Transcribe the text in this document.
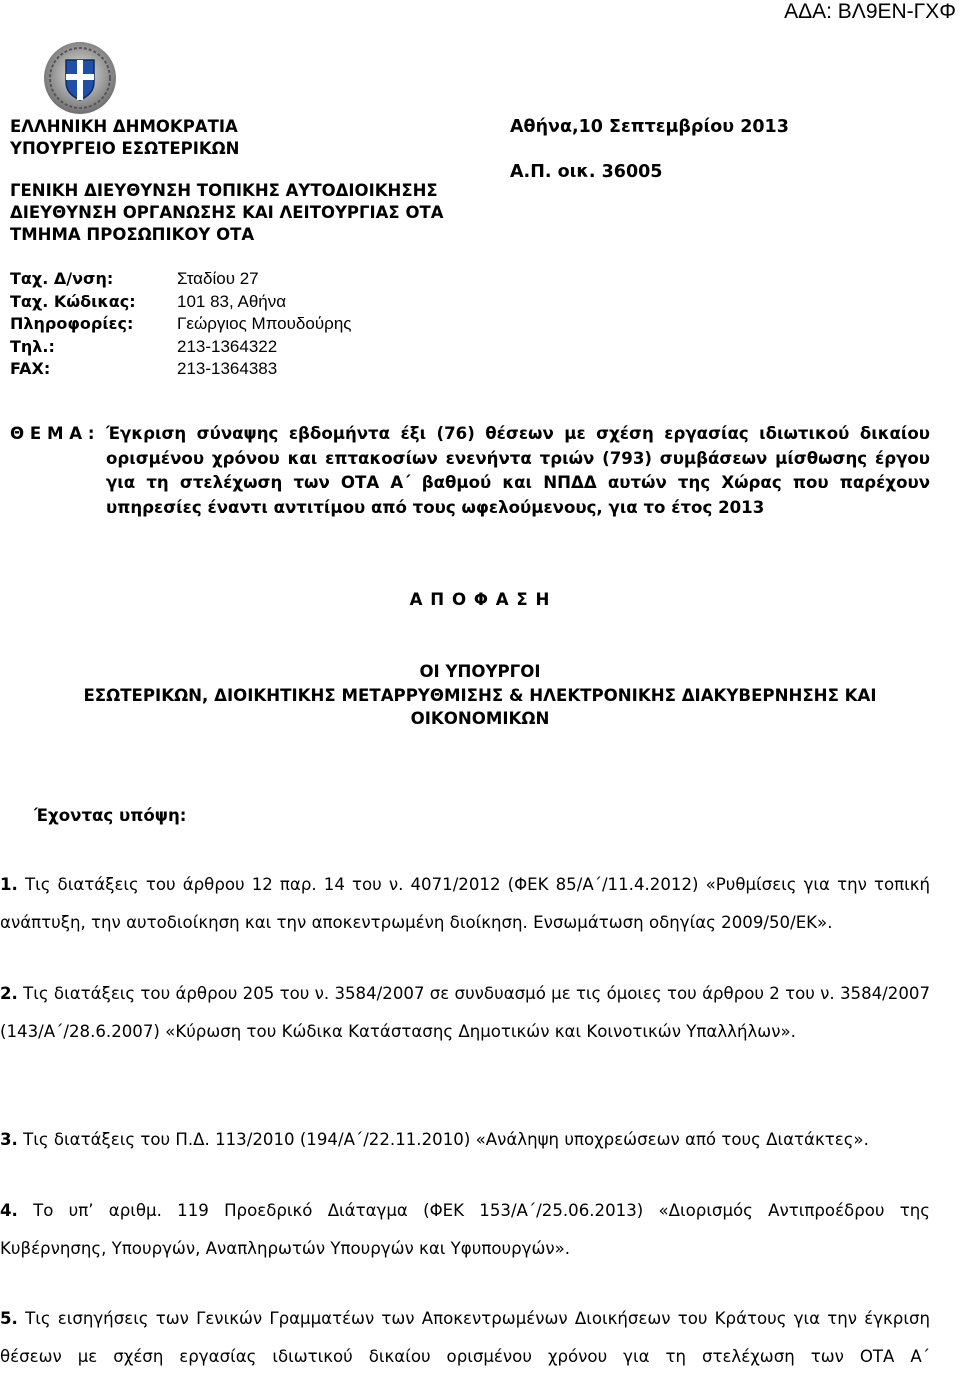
ΑΔΑ: ΒΛ9ΕΝ-ΓΧΦ
ΕΛΛΗΝΙΚΗ ΔΗΜΟΚΡΑΤΙΑ
ΥΠΟΥΡΓΕΙΟ ΕΣΩΤΕΡΙΚΩΝ
ΓΕΝΙΚΗ ΔΙΕΥΘΥΝΣΗ ΤΟΠΙΚΗΣ ΑΥΤΟΔΙΟΙΚΗΣΗΣ
ΔΙΕΥΘΥΝΣΗ ΟΡΓΑΝΩΣΗΣ ΚΑΙ ΛΕΙΤΟΥΡΓΙΑΣ ΟΤΑ
ΤΜΗΜΑ ΠΡΟΣΩΠΙΚΟΥ ΟΤΑ
Αθήνα,10 Σεπτεμβρίου 2013
Α.Π. οικ. 36005
Ταχ. Δ/νση:	Σταδίου 27
Ταχ. Κώδικας:	101 83, Αθήνα
Πληροφορίες:	Γεώργιος Μπουδούρης
Τηλ.:	213-1364322
FAX:	213-1364383
Θ Ε Μ Α : Έγκριση σύναψης εβδομήντα έξι (76) θέσεων με σχέση εργασίας ιδιωτικού δικαίου ορισμένου χρόνου και επτακοσίων ενενήντα τριών (793) συμβάσεων μίσθωσης έργου για τη στελέχωση των ΟΤΑ Α΄ βαθμού και ΝΠΔΔ αυτών της Χώρας που παρέχουν υπηρεσίες έναντι αντιτίμου από τους ωφελούμενους, για το έτος 2013
Α Π Ο Φ Α Σ Η
ΟΙ ΥΠΟΥΡΓΟΙ
ΕΣΩΤΕΡΙΚΩΝ, ΔΙΟΙΚΗΤΙΚΗΣ ΜΕΤΑΡΡΥΘΜΙΣΗΣ & ΗΛΕΚΤΡΟΝΙΚΗΣ ΔΙΑΚΥΒΕΡΝΗΣΗΣ ΚΑΙ
ΟΙΚΟΝΟΜΙΚΩΝ
Έχοντας υπόψη:
1. Τις διατάξεις του άρθρου 12 παρ. 14 του ν. 4071/2012 (ΦΕΚ 85/Α΄/11.4.2012) «Ρυθμίσεις για την τοπική ανάπτυξη, την αυτοδιοίκηση και την αποκεντρωμένη διοίκηση. Ενσωμάτωση οδηγίας 2009/50/ΕΚ».
2. Τις διατάξεις του άρθρου 205 του ν. 3584/2007 σε συνδυασμό με τις όμοιες του άρθρου 2 του ν. 3584/2007 (143/Α΄/28.6.2007) «Κύρωση του Κώδικα Κατάστασης Δημοτικών και Κοινοτικών Υπαλλήλων».
3. Τις διατάξεις του Π.Δ. 113/2010 (194/Α΄/22.11.2010) «Ανάληψη υποχρεώσεων από τους Διατάκτες».
4. Το υπ’ αριθμ. 119 Προεδρικό Διάταγμα (ΦΕΚ 153/Α΄/25.06.2013) «Διορισμός Αντιπροέδρου της Κυβέρνησης, Υπουργών, Αναπληρωτών Υπουργών και Υφυπουργών».
5. Τις εισηγήσεις των Γενικών Γραμματέων των Αποκεντρωμένων Διοικήσεων του Κράτους για την έγκριση θέσεων με σχέση εργασίας ιδιωτικού δικαίου ορισμένου χρόνου για τη στελέχωση των ΟΤΑ Α΄
